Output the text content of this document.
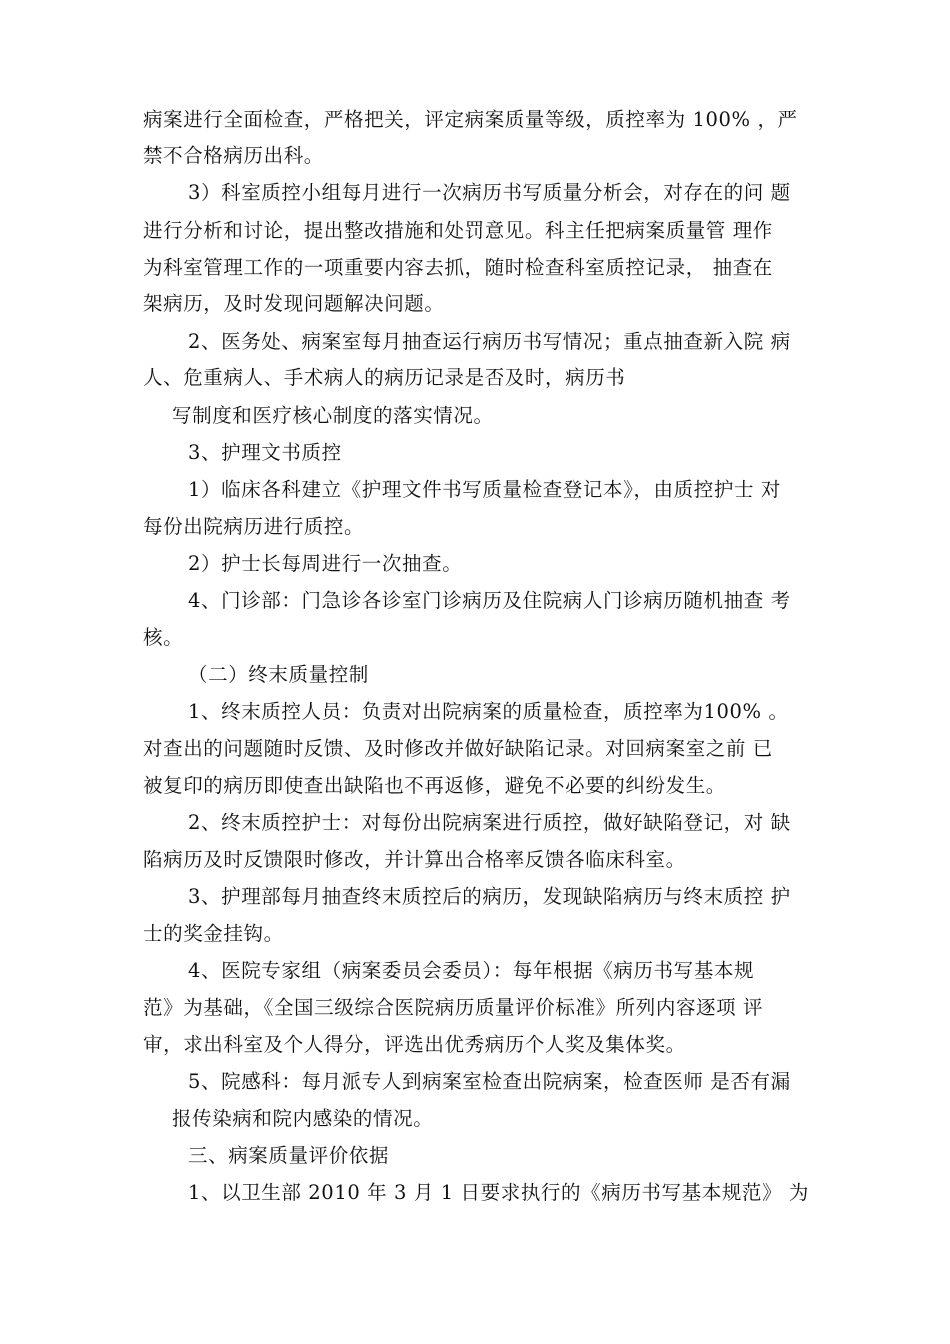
病案进行全面检查，严格把关，评定病案质量等级，质控率为 100% ，严
禁不合格病历出科。
3）科室质控小组每月进行一次病历书写质量分析会，对存在的问 题
进行分析和讨论，提出整改措施和处罚意见。科主任把病案质量管 理作
为科室管理工作的一项重要内容去抓，随时检查科室质控记录， 抽查在
架病历，及时发现问题解决问题。
2、医务处、病案室每月抽查运行病历书写情况；重点抽查新入院 病
人、危重病人、手术病人的病历记录是否及时，病历书
写制度和医疗核心制度的落实情况。
3、护理文书质控
1）临床各科建立《护理文件书写质量检查登记本》，由质控护士 对
每份出院病历进行质控。
2）护士长每周进行一次抽查。
4、门诊部：门急诊各诊室门诊病历及住院病人门诊病历随机抽查 考
核。
（二）终末质量控制
1、终末质控人员：负责对出院病案的质量检查，质控率为100% 。
对查出的问题随时反馈、及时修改并做好缺陷记录。对回病案室之前 已
被复印的病历即使查出缺陷也不再返修，避免不必要的纠纷发生。
2、终末质控护士：对每份出院病案进行质控，做好缺陷登记，对 缺
陷病历及时反馈限时修改，并计算出合格率反馈各临床科室。
3、护理部每月抽查终末质控后的病历，发现缺陷病历与终末质控 护
士的奖金挂钩。
4、医院专家组（病案委员会委员）：每年根据《病历书写基本规
范》为基础，《全国三级综合医院病历质量评价标准》所列内容逐项 评
审，求出科室及个人得分，评选出优秀病历个人奖及集体奖。
5、院感科：每月派专人到病案室检查出院病案，检查医师 是否有漏
报传染病和院内感染的情况。
三、病案质量评价依据
1、以卫生部 2010 年 3 月 1 日要求执行的《病历书写基本规范》 为
